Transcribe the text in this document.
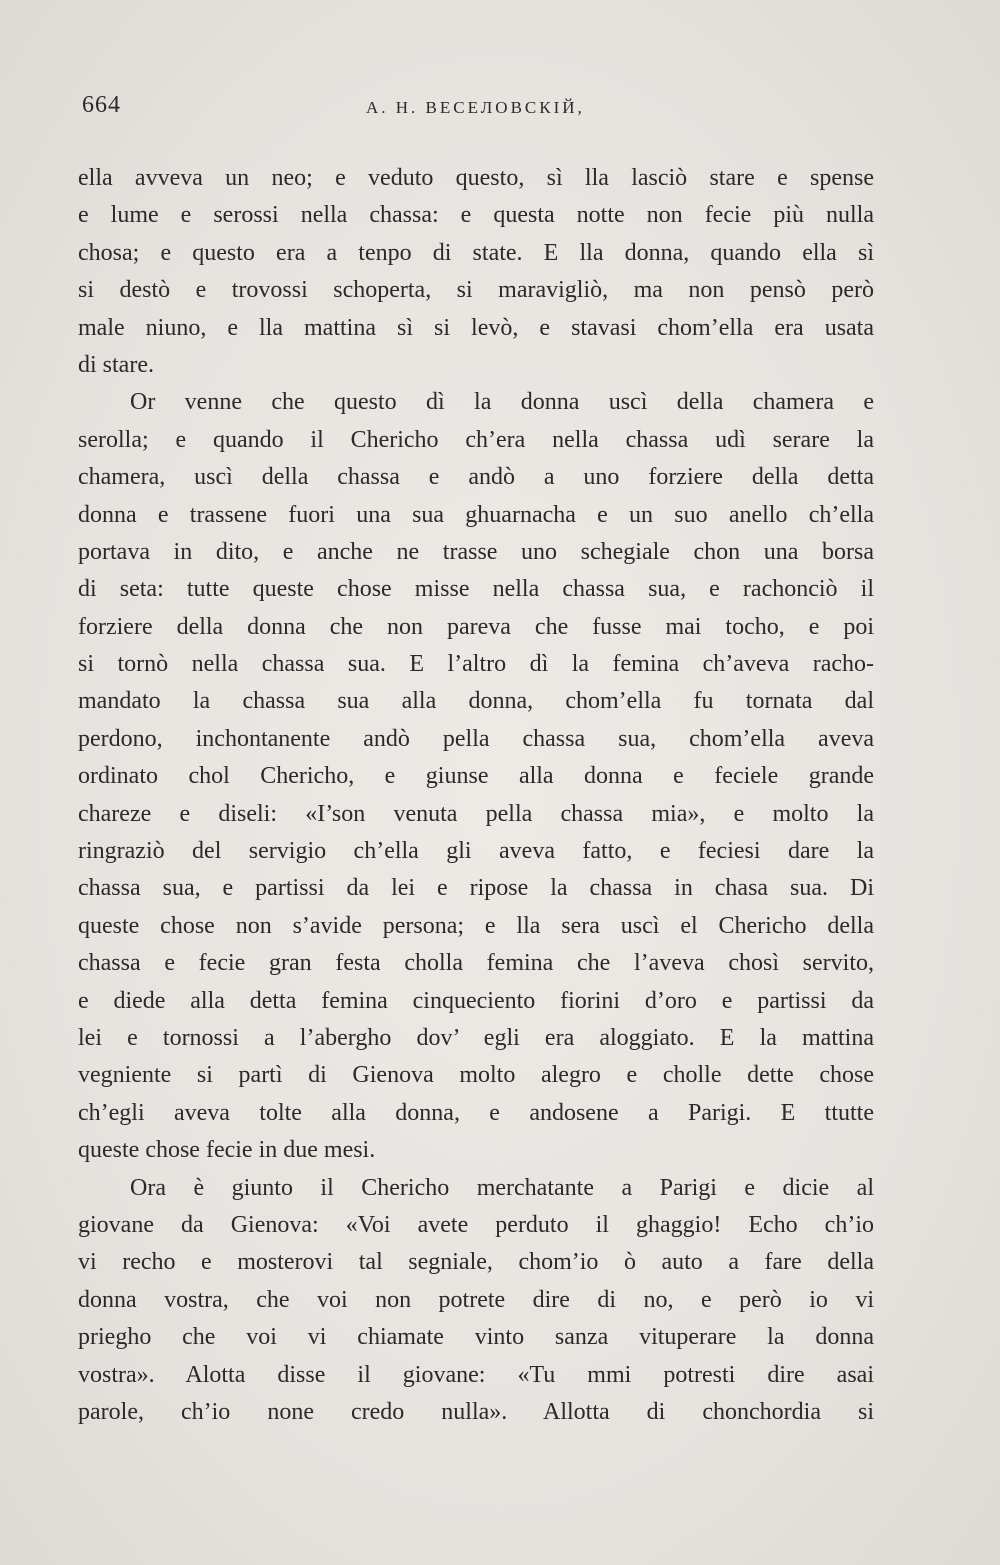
664	А. Н. ВЕСЕЛОВСКIЙ,
ella avveva un neo; e veduto questo, sì lla lasciò stare e spense
e lume e serossi nella chassa: e questa notte non fecie più nulla
chosa; e questo era a tenpo di state. E lla donna, quando ella sì
si destò e trovossi schoperta, si maravigliò, ma non pensò però
male niuno, e lla mattina sì si levò, e stavasi chom’ella era usata
di stare.
Or venne che questo dì la donna uscì della chamera e
serolla; e quando il Chericho ch’era nella chassa udì serare la
chamera, uscì della chassa e andò a uno forziere della detta
donna e trassene fuori una sua ghuarnacha e un suo anello ch’ella
portava in dito, e anche ne trasse uno schegiale chon una borsa
di seta: tutte queste chose misse nella chassa sua, e rachonciò il
forziere della donna che non pareva che fusse mai tocho, e poi
si tornò nella chassa sua. E l’altro dì la femina ch’aveva racho-
mandato la chassa sua alla donna, chom’ella fu tornata dal
perdono, inchontanente andò pella chassa sua, chom’ella aveva
ordinato chol Chericho, e giunse alla donna e feciele grande
chareze e diseli: «I’son venuta pella chassa mia», e molto la
ringraziò del servigio ch’ella gli aveva fatto, e feciesi dare la
chassa sua, e partissi da lei e ripose la chassa in chasa sua. Di
queste chose non s’avide persona; e lla sera uscì el Chericho della
chassa e fecie gran festa cholla femina che l’aveva chosì servito,
e diede alla detta femina cinqueciento fiorini d’oro e partissi da
lei e tornossi a l’abergho dov’ egli era aloggiato. E la mattina
vegniente si partì di Gienova molto alegro e cholle dette chose
ch’egli aveva tolte alla donna, e andosene a Parigi. E ttutte
queste chose fecie in due mesi.
Ora è giunto il Chericho merchatante a Parigi e dicie al
giovane da Gienova: «Voi avete perduto il ghaggio! Echo ch’io
vi recho e mosterovi tal segniale, chom’io ò auto a fare della
donna vostra, che voi non potrete dire di no, e però io vi
priegho che voi vi chiamate vinto sanza vituperare la donna
vostra». Alotta disse il giovane: «Tu mmi potresti dire asai
parole, ch’io none credo nulla». Allotta di chonchordia si
